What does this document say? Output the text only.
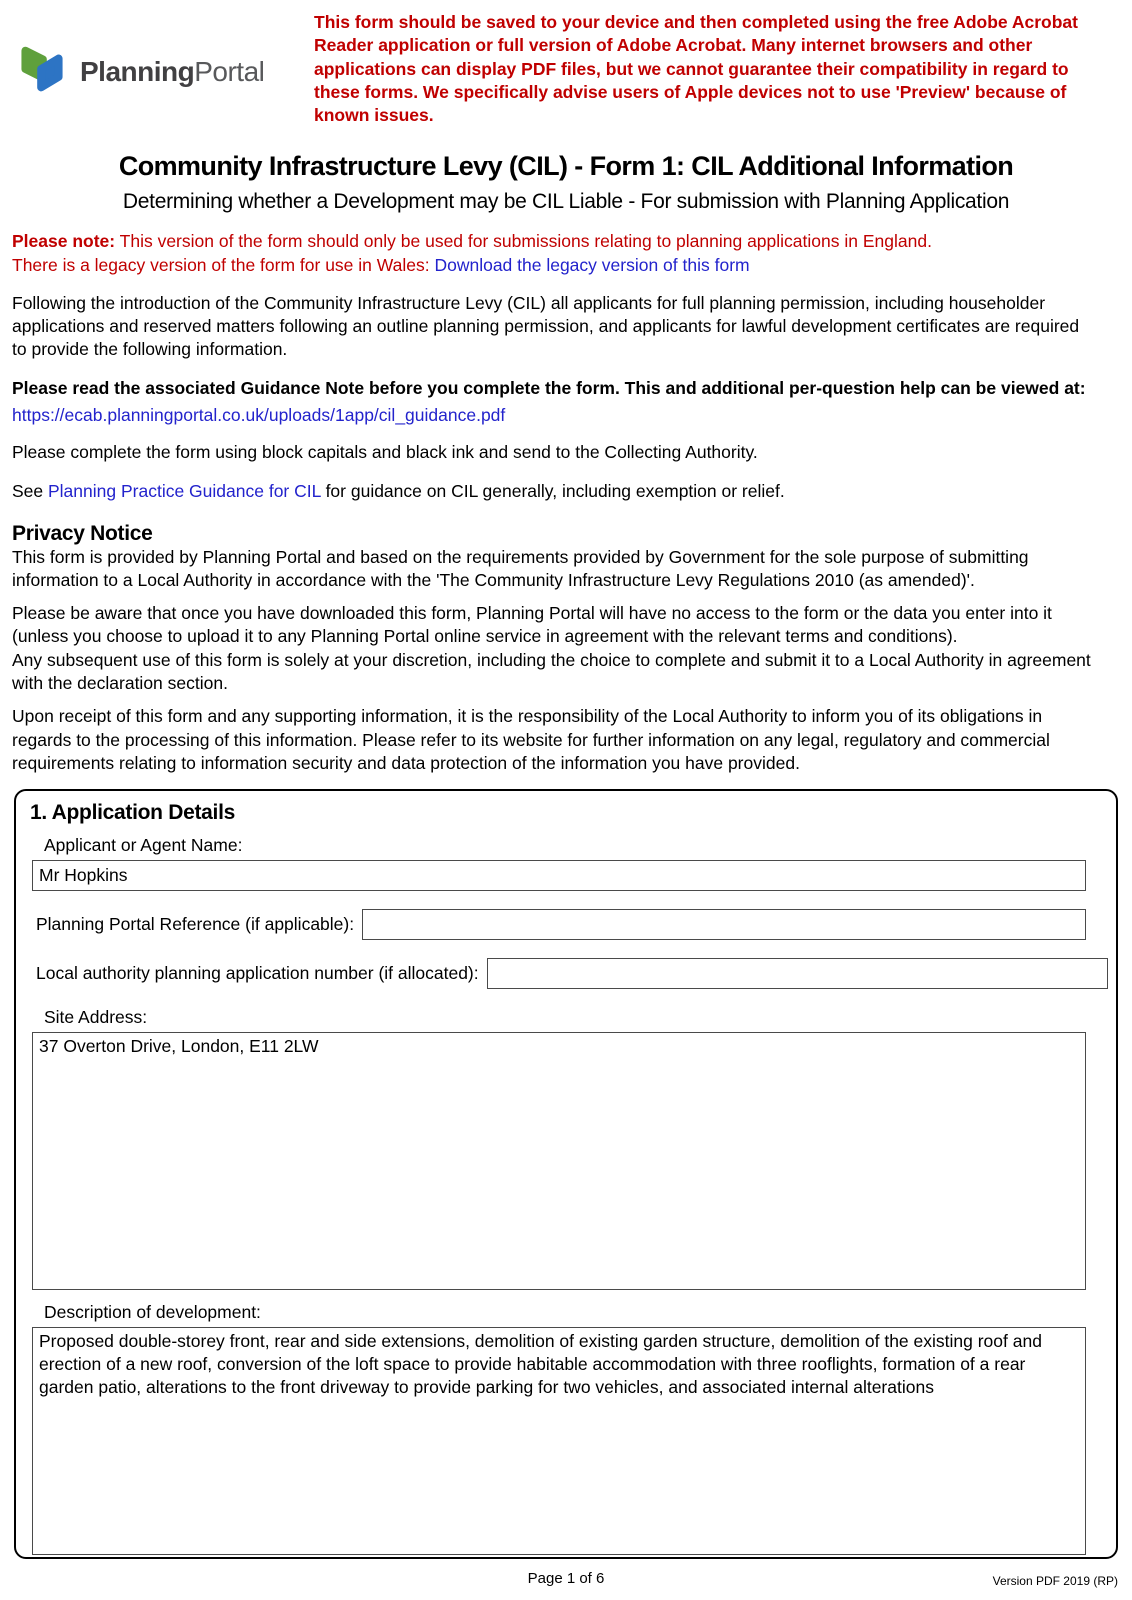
PlanningPortal
This form should be saved to your device and then completed using the free Adobe Acrobat Reader application or full version of Adobe Acrobat. Many internet browsers and other applications can display PDF files, but we cannot guarantee their compatibility in regard to these forms. We specifically advise users of Apple devices not to use 'Preview' because of known issues.
Community Infrastructure Levy (CIL) - Form 1: CIL Additional Information
Determining whether a Development may be CIL Liable - For submission with Planning Application
Please note: This version of the form should only be used for submissions relating to planning applications in England.
There is a legacy version of the form for use in Wales: Download the legacy version of this form

Following the introduction of the Community Infrastructure Levy (CIL) all applicants for full planning permission, including householder applications and reserved matters following an outline planning permission, and applicants for lawful development certificates are required to provide the following information.

Please read the associated Guidance Note before you complete the form. This and additional per-question help can be viewed at:

https://ecab.planningportal.co.uk/uploads/1app/cil_guidance.pdf

Please complete the form using block capitals and black ink and send to the Collecting Authority.

See Planning Practice Guidance for CIL for guidance on CIL generally, including exemption or relief.

Privacy Notice

This form is provided by Planning Portal and based on the requirements provided by Government for the sole purpose of submitting information to a Local Authority in accordance with the 'The Community Infrastructure Levy Regulations 2010 (as amended)'.

Please be aware that once you have downloaded this form, Planning Portal will have no access to the form or the data you enter into it (unless you choose to upload it to any Planning Portal online service in agreement with the relevant terms and conditions).

Any subsequent use of this form is solely at your discretion, including the choice to complete and submit it to a Local Authority in agreement with the declaration section.

Upon receipt of this form and any supporting information, it is the responsibility of the Local Authority to inform you of its obligations in regards to the processing of this information. Please refer to its website for further information on any legal, regulatory and commercial requirements relating to information security and data protection of the information you have provided.

1. Application Details
Applicant or Agent Name:
Mr Hopkins
Planning Portal Reference (if applicable):
Local authority planning application number (if allocated):
Site Address:
37 Overton Drive, London, E11 2LW
Description of development:
Proposed double-storey front, rear and side extensions, demolition of existing garden structure, demolition of the existing roof and erection of a new roof, conversion of the loft space to provide habitable accommodation with three rooflights, formation of a rear garden patio, alterations to the front driveway to provide parking for two vehicles, and associated internal alterations
Page 1 of 6	Version PDF 2019 (RP)
